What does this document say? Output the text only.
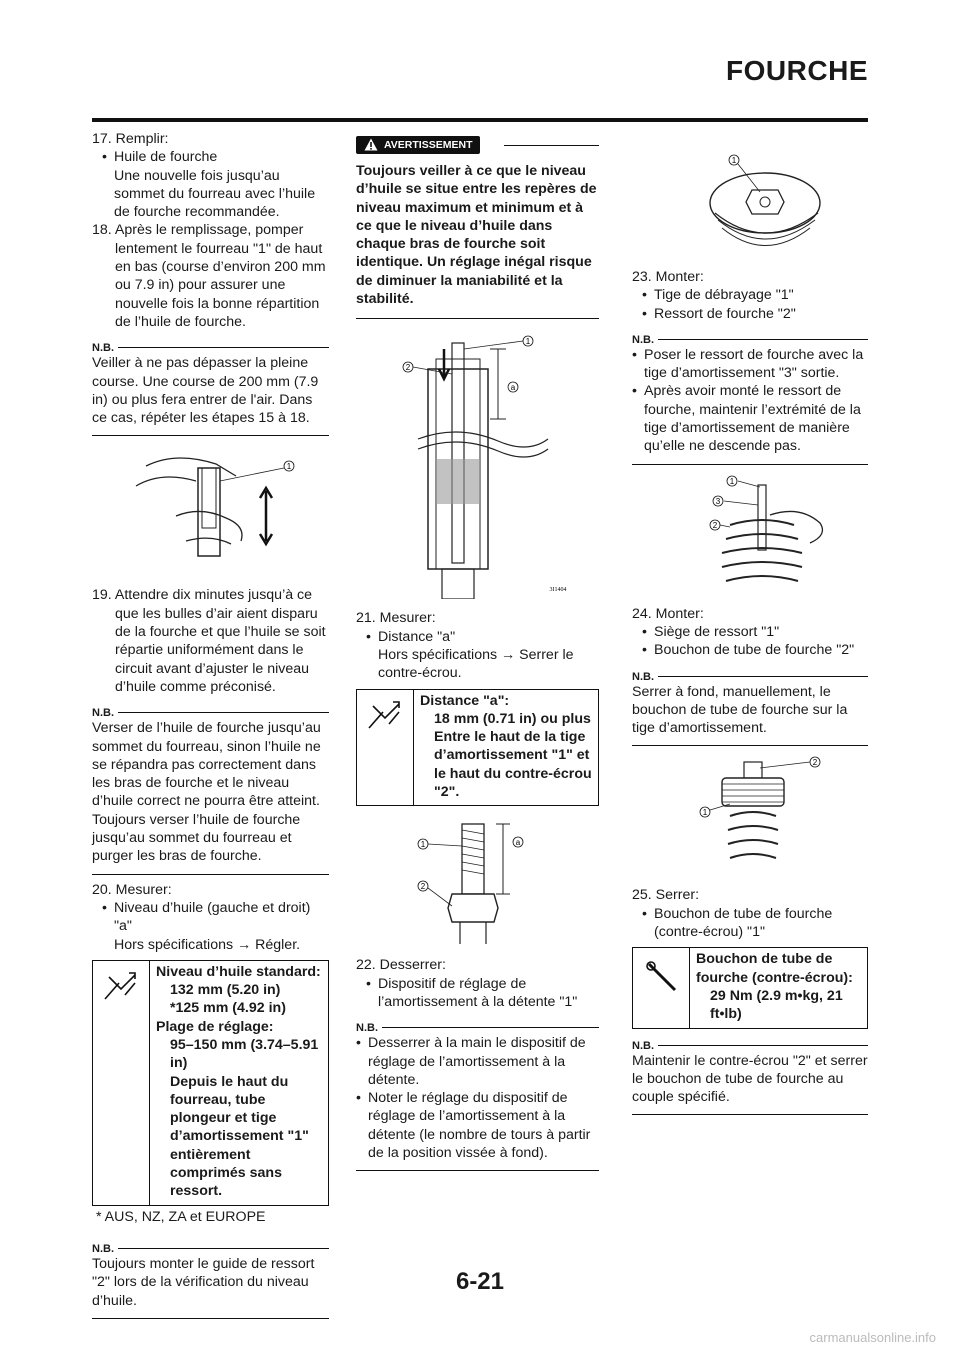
FOURCHE

17. Remplir:

• Huile de fourche

Une nouvelle fois jusqu’au sommet du fourreau avec l’huile de fourche recommandée.

18. Après le remplissage, pomper lentement le fourreau "1" de haut en bas (course d’environ 200 mm ou 7.9 in) pour assurer une nouvelle fois la bonne répartition de l’huile de fourche.

N.B.

Veiller à ne pas dépasser la pleine course. Une course de 200 mm (7.9 in) ou plus fera entrer de l'air. Dans ce cas, répéter les étapes 15 à 18.

1

19. Attendre dix minutes jusqu’à ce que les bulles d’air aient disparu de la fourche et que l’huile se soit répartie uniformément dans le circuit avant d’ajuster le niveau d’huile comme préconisé.

N.B.

Verser de l’huile de fourche jusqu’au sommet du fourreau, sinon l’huile ne se répandra pas correctement dans les bras de fourche et le niveau d’huile correct ne pourra être atteint. Toujours verser l’huile de fourche jusqu’au sommet du fourreau et purger les bras de fourche.

20. Mesurer:

• Niveau d’huile (gauche et droit) "a"

Hors spécifications → Régler.

Niveau d’huile standard:

132 mm (5.20 in)

*125 mm (4.92 in)

Plage de réglage:

95–150 mm (3.74–5.91 in)

Depuis le haut du fourreau, tube plongeur et tige d’amortissement "1" entièrement comprimés sans ressort.

* AUS, NZ, ZA et EUROPE

N.B.

Toujours monter le guide de ressort "2" lors de la vérification du niveau d’huile.

AVERTISSEMENT

Toujours veiller à ce que le niveau d’huile se situe entre les repères de niveau maximum et minimum et à ce que le niveau d’huile dans chaque bras de fourche soit identique. Un réglage inégal risque de diminuer la maniabilité et la stabilité.

1
2
a
3I1404

21. Mesurer:

• Distance "a"

Hors spécifications → Serrer le contre-écrou.

Distance "a":

18 mm (0.71 in) ou plus

Entre le haut de la tige d’amortissement "1" et le haut du contre-écrou "2".

1
2
a

22. Desserrer:

• Dispositif de réglage de l’amortissement à la détente "1"

N.B.

• Desserrer à la main le dispositif de réglage de l’amortissement à la détente.

• Noter le réglage du dispositif de réglage de l’amortissement à la détente (le nombre de tours à partir de la position vissée à fond).

1

23. Monter:

• Tige de débrayage "1"

• Ressort de fourche "2"

N.B.

• Poser le ressort de fourche avec la tige d’amortissement "3" sortie.

• Après avoir monté le ressort de fourche, maintenir l’extrémité de la tige d’amortissement de manière qu’elle ne descende pas.

1
2
3

24. Monter:

• Siège de ressort "1"

• Bouchon de tube de fourche "2"

N.B.

Serrer à fond, manuellement, le bouchon de tube de fourche sur la tige d’amortissement.

2
1

25. Serrer:

• Bouchon de tube de fourche (contre-écrou) "1"

Bouchon de tube de fourche (contre-écrou):

29 Nm (2.9 m•kg, 21 ft•lb)

N.B.

Maintenir le contre-écrou "2" et serrer le bouchon de tube de fourche au couple spécifié.

6-21
carmanualsonline.info
